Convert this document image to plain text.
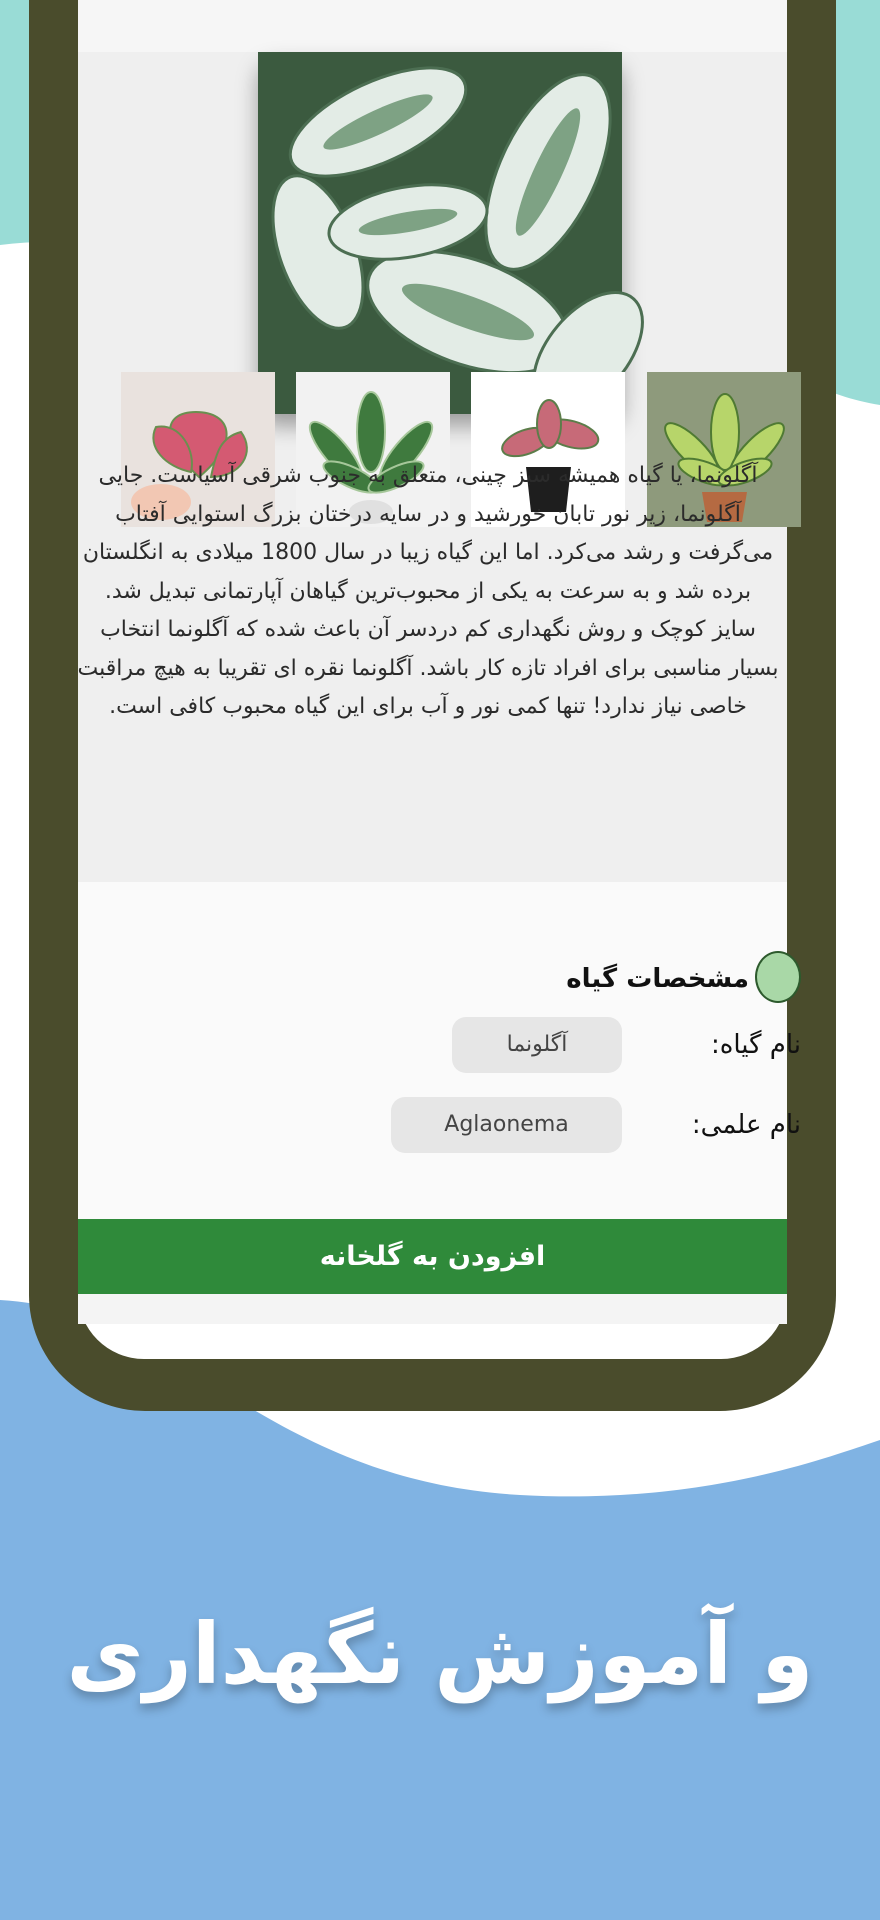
آگلونما، یا گیاه همیشه سبز چینی، متعلق به جنوب شرقی آسیاست. جایی
آگلونما، زیر نور تابان خورشید و در سایه درختان بزرگ استوایی آفتاب
می‌گرفت و رشد می‌کرد. اما این گیاه زیبا در سال 1800 میلادی به انگلستان
برده شد و به سرعت به یکی از محبوب‌ترین گیاهان آپارتمانی تبدیل شد.
سایز کوچک و روش نگهداری کم دردسر آن باعث شده که آگلونما انتخاب
بسیار مناسبی برای افراد تازه کار باشد. آگلونما نقره ای تقریبا به هیچ مراقبت
خاصی نیاز ندارد! تنها کمی نور و آب برای این گیاه محبوب کافی است.
مشخصات گیاه
نام گیاه:
آگلونما
نام علمی:
Aglaonema
افزودن به گلخانه
و آموزش نگهداری
